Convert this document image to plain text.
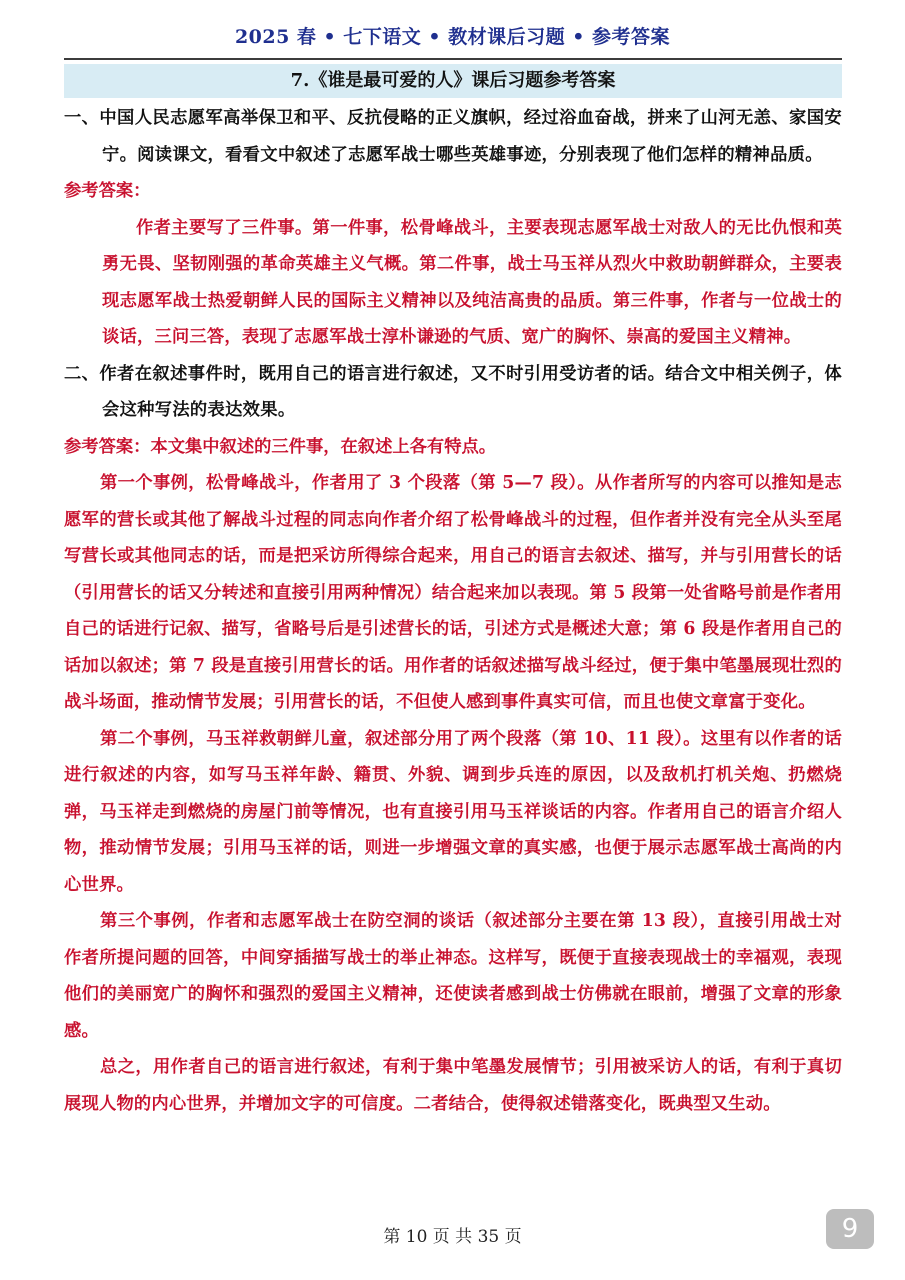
2025 春 • 七下语文 • 教材课后习题 • 参考答案
7.《谁是最可爱的人》课后习题参考答案

一、中国人民志愿军高举保卫和平、反抗侵略的正义旗帜，经过浴血奋战，拼来了山河无恙、家国安宁。阅读课文，看看文中叙述了志愿军战士哪些英雄事迹，分别表现了他们怎样的精神品质。

参考答案：

作者主要写了三件事。第一件事，松骨峰战斗，主要表现志愿军战士对敌人的无比仇恨和英勇无畏、坚韧刚强的革命英雄主义气概。第二件事，战士马玉祥从烈火中救助朝鲜群众，主要表现志愿军战士热爱朝鲜人民的国际主义精神以及纯洁高贵的品质。第三件事，作者与一位战士的谈话，三问三答，表现了志愿军战士淳朴谦逊的气质、宽广的胸怀、崇高的爱国主义精神。

二、作者在叙述事件时，既用自己的语言进行叙述，又不时引用受访者的话。结合文中相关例子，体会这种写法的表达效果。

参考答案：本文集中叙述的三件事，在叙述上各有特点。

第一个事例，松骨峰战斗，作者用了 3 个段落（第 5—7 段）。从作者所写的内容可以推知是志愿军的营长或其他了解战斗过程的同志向作者介绍了松骨峰战斗的过程，但作者并没有完全从头至尾写营长或其他同志的话，而是把采访所得综合起来，用自己的语言去叙述、描写，并与引用营长的话（引用营长的话又分转述和直接引用两种情况）结合起来加以表现。第 5 段第一处省略号前是作者用自己的话进行记叙、描写，省略号后是引述营长的话，引述方式是概述大意；第 6 段是作者用自己的话加以叙述；第 7 段是直接引用营长的话。用作者的话叙述描写战斗经过，便于集中笔墨展现壮烈的战斗场面，推动情节发展；引用营长的话，不但使人感到事件真实可信，而且也使文章富于变化。

第二个事例，马玉祥救朝鲜儿童，叙述部分用了两个段落（第 10、11 段）。这里有以作者的话进行叙述的内容，如写马玉祥年龄、籍贯、外貌、调到步兵连的原因，以及敌机打机关炮、扔燃烧弹，马玉祥走到燃烧的房屋门前等情况，也有直接引用马玉祥谈话的内容。作者用自己的语言介绍人物，推动情节发展；引用马玉祥的话，则进一步增强文章的真实感，也便于展示志愿军战士高尚的内心世界。

第三个事例，作者和志愿军战士在防空洞的谈话（叙述部分主要在第 13 段），直接引用战士对作者所提问题的回答，中间穿插描写战士的举止神态。这样写，既便于直接表现战士的幸福观，表现他们的美丽宽广的胸怀和强烈的爱国主义精神，还使读者感到战士仿佛就在眼前，增强了文章的形象感。

总之，用作者自己的语言进行叙述，有利于集中笔墨发展情节；引用被采访人的话，有利于真切展现人物的内心世界，并增加文字的可信度。二者结合，使得叙述错落变化，既典型又生动。

第 10 页 共 35 页	9
